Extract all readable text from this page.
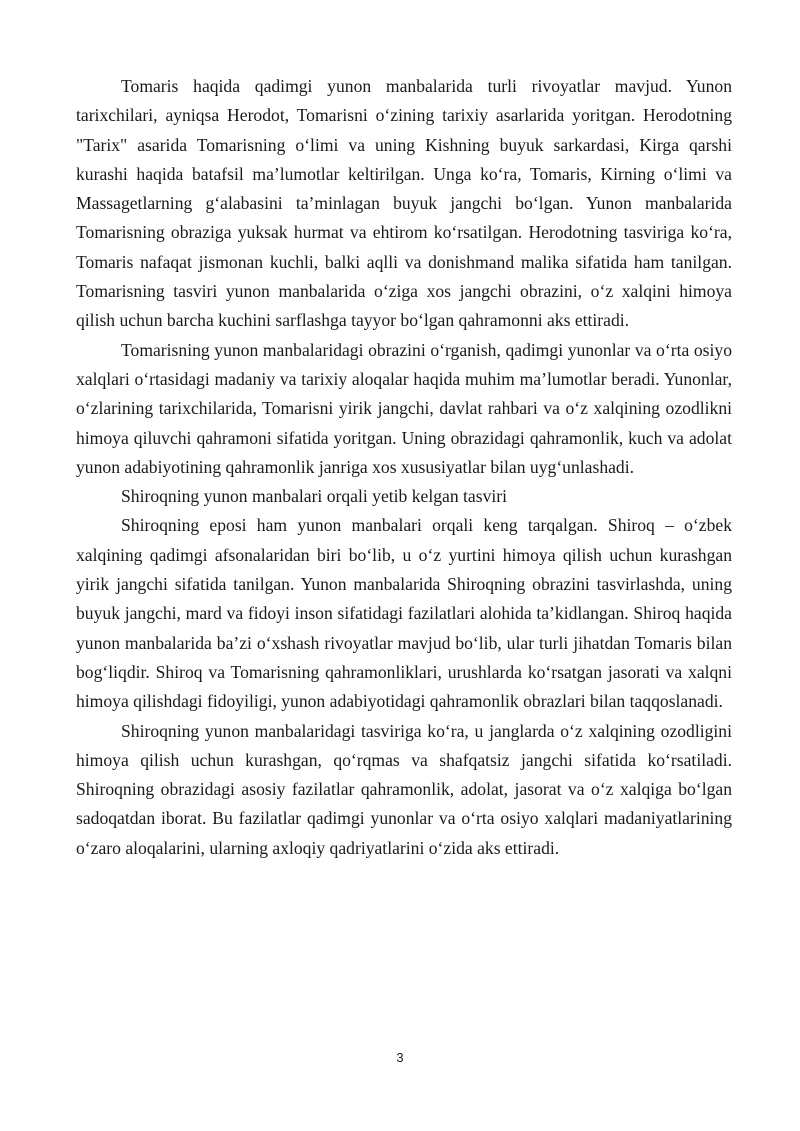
Tomaris haqida qadimgi yunon manbalarida turli rivoyatlar mavjud. Yunon tarixchilari, ayniqsa Herodot, Tomarisni oʻzining tarixiy asarlarida yoritgan. Herodotning "Tarix" asarida Tomarisning oʻlimi va uning Kishning buyuk sarkardasi, Kirga qarshi kurashi haqida batafsil maʼlumotlar keltirilgan. Unga koʻra, Tomaris, Kirning oʻlimi va Massagetlarning gʻalabasini taʼminlagan buyuk jangchi boʻlgan. Yunon manbalarida Tomarisning obraziga yuksak hurmat va ehtirom koʻrsatilgan. Herodotning tasviriga koʻra, Tomaris nafaqat jismonan kuchli, balki aqlli va donishmand malika sifatida ham tanilgan. Tomarisning tasviri yunon manbalarida oʻziga xos jangchi obrazini, oʻz xalqini himoya qilish uchun barcha kuchini sarflashga tayyor boʻlgan qahramonni aks ettiradi.

Tomarisning yunon manbalaridagi obrazini oʻrganish, qadimgi yunonlar va oʻrta osiyo xalqlari oʻrtasidagi madaniy va tarixiy aloqalar haqida muhim maʼlumotlar beradi. Yunonlar, oʻzlarining tarixchilarida, Tomarisni yirik jangchi, davlat rahbari va oʻz xalqining ozodlikni himoya qiluvchi qahramoni sifatida yoritgan. Uning obrazidagi qahramonlik, kuch va adolat yunon adabiyotining qahramonlik janriga xos xususiyatlar bilan uygʻunlashadi.

Shiroqning yunon manbalari orqali yetib kelgan tasviri

Shiroqning eposi ham yunon manbalari orqali keng tarqalgan. Shiroq – oʻzbek xalqining qadimgi afsonalaridan biri boʻlib, u oʻz yurtini himoya qilish uchun kurashgan yirik jangchi sifatida tanilgan. Yunon manbalarida Shiroqning obrazini tasvirlashda, uning buyuk jangchi, mard va fidoyi inson sifatidagi fazilatlari alohida taʼkidlangan. Shiroq haqida yunon manbalarida baʼzi oʻxshash rivoyatlar mavjud boʻlib, ular turli jihatdan Tomaris bilan bogʻliqdir. Shiroq va Tomarisning qahramonliklari, urushlarda koʻrsatgan jasorati va xalqni himoya qilishdagi fidoyiligi, yunon adabiyotidagi qahramonlik obrazlari bilan taqqoslanadi.

Shiroqning yunon manbalaridagi tasviriga koʻra, u janglarda oʻz xalqining ozodligini himoya qilish uchun kurashgan, qoʻrqmas va shafqatsiz jangchi sifatida koʻrsatiladi. Shiroqning obrazidagi asosiy fazilatlar qahramonlik, adolat, jasorat va oʻz xalqiga boʻlgan sadoqatdan iborat. Bu fazilatlar qadimgi yunonlar va oʻrta osiyo xalqlari madaniyatlarining oʻzaro aloqalarini, ularning axloqiy qadriyatlarini oʻzida aks ettiradi.

3
